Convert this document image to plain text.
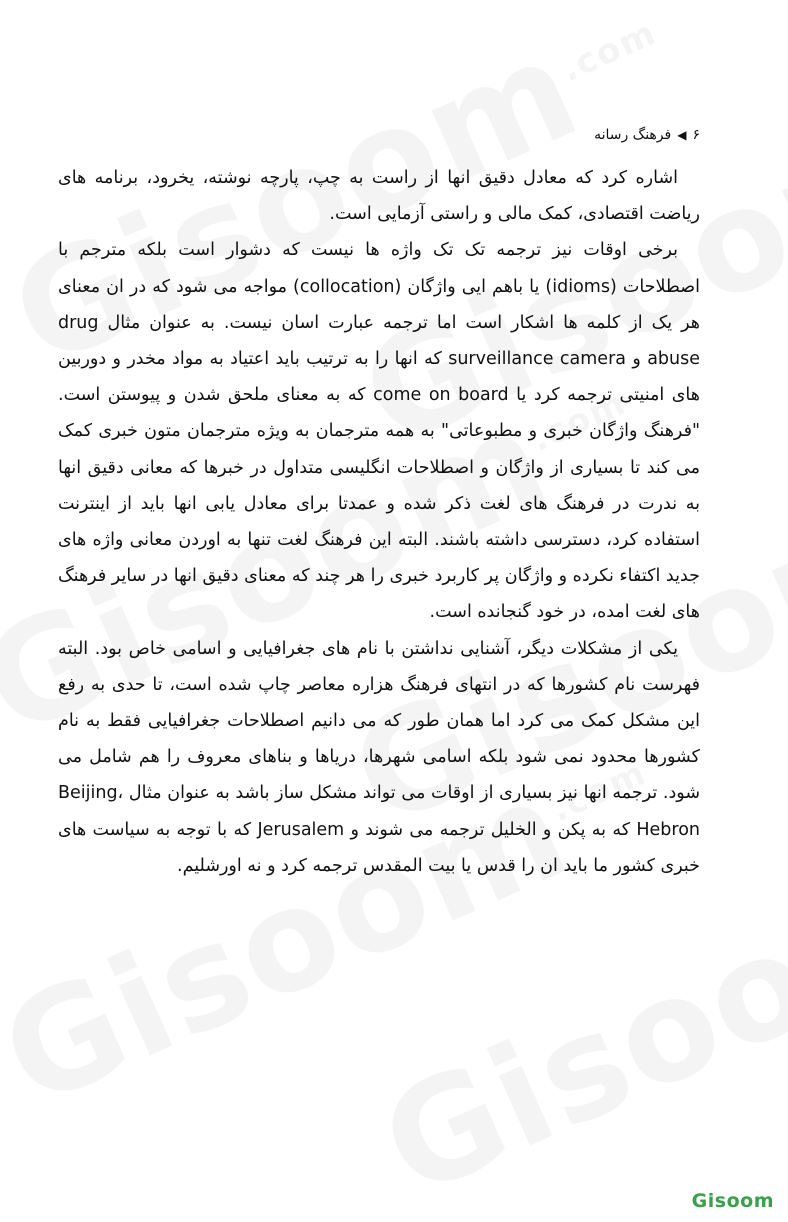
۶
◀
فرهنگ رسانه

اشاره کرد که معادل دقیق انها از راست به چپ، پارچه نوشته، یخرود، برنامه های ریاضت اقتصادی، کمک مالی و راستی آزمایی است.

برخی اوقات نیز ترجمه تک تک واژه ها نیست که دشوار است بلکه مترجم با اصطلاحات (idioms) یا باهم ایی واژگان (collocation) مواجه می شود که در ان معنای هر یک از کلمه ها اشکار است اما ترجمه عبارت اسان نیست. به عنوان مثال drug abuse و surveillance camera که انها را به ترتیب باید اعتیاد به مواد مخدر و دوربین های امنیتی ترجمه کرد یا come on board که به معنای ملحق شدن و پیوستن است. "فرهنگ واژگان خبری و مطبوعاتی" به همه مترجمان به ویژه مترجمان متون خبری کمک می کند تا بسیاری از واژگان و اصطلاحات انگلیسی متداول در خبرها که معانی دقیق انها به ندرت در فرهنگ های لغت ذکر شده و عمدتا برای معادل یابی انها باید از اینترنت استفاده کرد، دسترسی داشته باشند. البته این فرهنگ لغت تنها به اوردن معانی واژه های جدید اکتفاء نکرده و واژگان پر کاربرد خبری را هر چند که معنای دقیق انها در سایر فرهنگ های لغت امده، در خود گنجانده است.

یکی از مشکلات دیگر، آشنایی نداشتن با نام های جغرافیایی و اسامی خاص بود. البته فهرست نام کشورها که در انتهای فرهنگ هزاره معاصر چاپ شده است، تا حدی به رفع این مشکل کمک می کرد اما همان طور که می دانیم اصطلاحات جغرافیایی فقط به نام کشورها محدود نمی شود بلکه اسامی شهرها، دریاها و بناهای معروف را هم شامل می شود. ترجمه انها نیز بسیاری از اوقات می تواند مشکل ساز باشد به عنوان مثال Beijing، Hebron که به پکن و الخلیل ترجمه می شوند و Jerusalem که با توجه به سیاست های خبری کشور ما باید ان را قدس یا بیت المقدس ترجمه کرد و نه اورشلیم.

Gisoom
